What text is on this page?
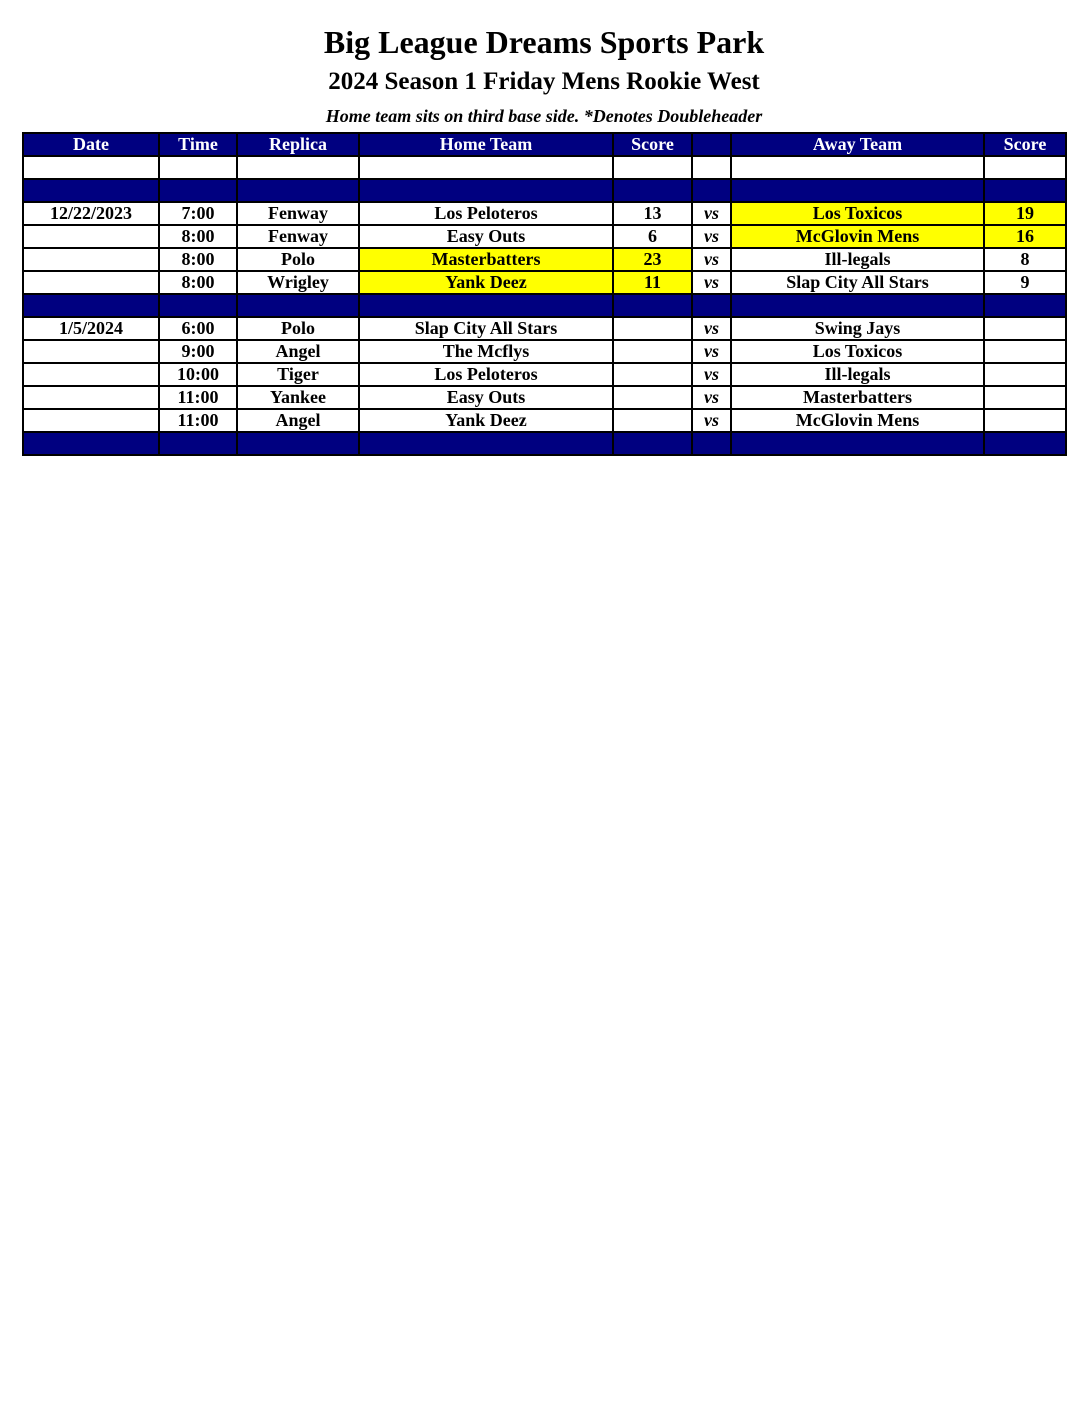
Big League Dreams Sports Park
2024 Season 1 Friday Mens Rookie West
Home team sits on third base side. *Denotes Doubleheader
Date	Time	Replica	Home Team	Score		Away Team	Score

12/22/2023	7:00	Fenway	Los Peloteros	13	vs	Los Toxicos	19
	8:00	Fenway	Easy Outs	6	vs	McGlovin Mens	16
	8:00	Polo	Masterbatters	23	vs	Ill-legals	8
	8:00	Wrigley	Yank Deez	11	vs	Slap City All Stars	9

1/5/2024	6:00	Polo	Slap City All Stars		vs	Swing Jays	
	9:00	Angel	The Mcflys		vs	Los Toxicos	
	10:00	Tiger	Los Peloteros		vs	Ill-legals	
	11:00	Yankee	Easy Outs		vs	Masterbatters	
	11:00	Angel	Yank Deez		vs	McGlovin Mens	
